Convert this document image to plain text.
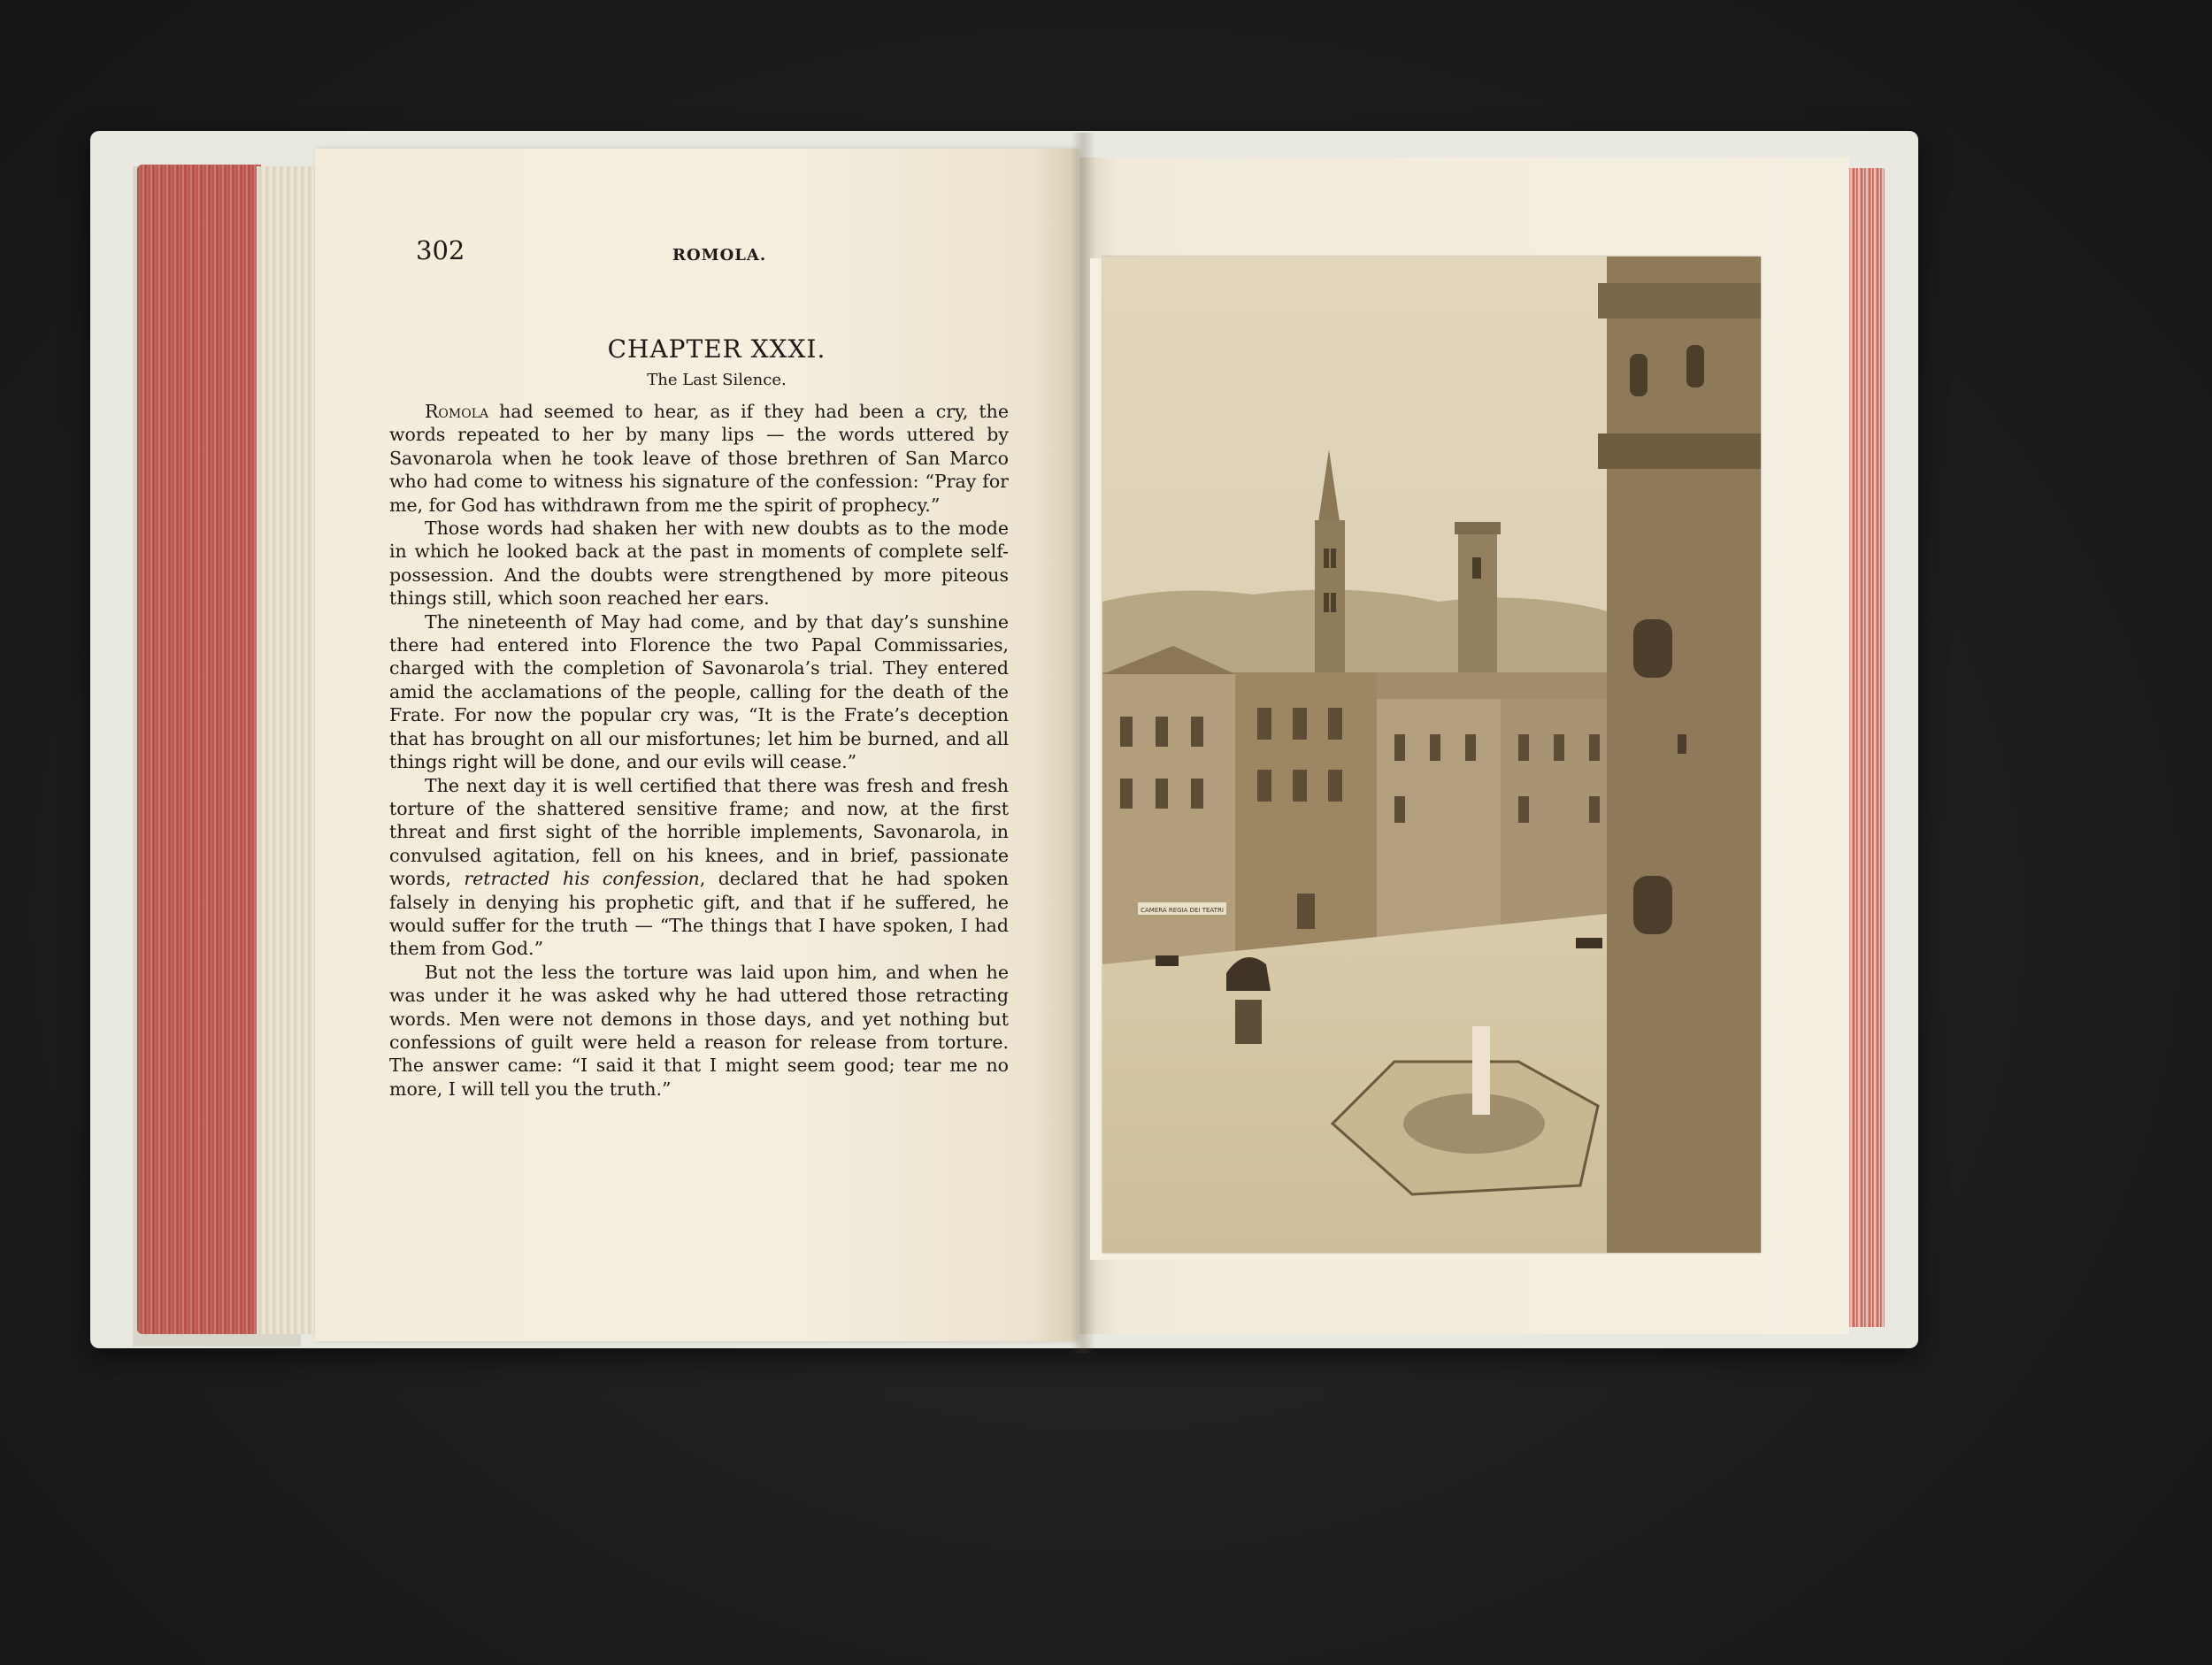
302	ROMOLA.
CHAPTER XXXI.
The Last Silence.

Romola had seemed to hear, as if they had been a cry, the words repeated to her by many lips — the words uttered by Savonarola when he took leave of those brethren of San Marco who had come to witness his signature of the confession: “Pray for me, for God has withdrawn from me the spirit of prophecy.”

Those words had shaken her with new doubts as to the mode in which he looked back at the past in moments of complete self-possession. And the doubts were strengthened by more piteous things still, which soon reached her ears.

The nineteenth of May had come, and by that day’s sunshine there had entered into Florence the two Papal Commissaries, charged with the completion of Savonarola’s trial. They entered amid the acclamations of the people, calling for the death of the Frate. For now the popular cry was, “It is the Frate’s deception that has brought on all our misfortunes; let him be burned, and all things right will be done, and our evils will cease.”

The next day it is well certified that there was fresh and fresh torture of the shattered sensitive frame; and now, at the first threat and first sight of the horrible implements, Savonarola, in convulsed agitation, fell on his knees, and in brief, passionate words, retracted his confession, declared that he had spoken falsely in denying his prophetic gift, and that if he suffered, he would suffer for the truth — “The things that I have spoken, I had them from God.”

But not the less the torture was laid upon him, and when he was under it he was asked why he had uttered those retracting words. Men were not demons in those days, and yet nothing but confessions of guilt were held a reason for release from torture. The answer came: “I said it that I might seem good; tear me no more, I will tell you the truth.”

CAMERA REGIA DEI TEATRI
